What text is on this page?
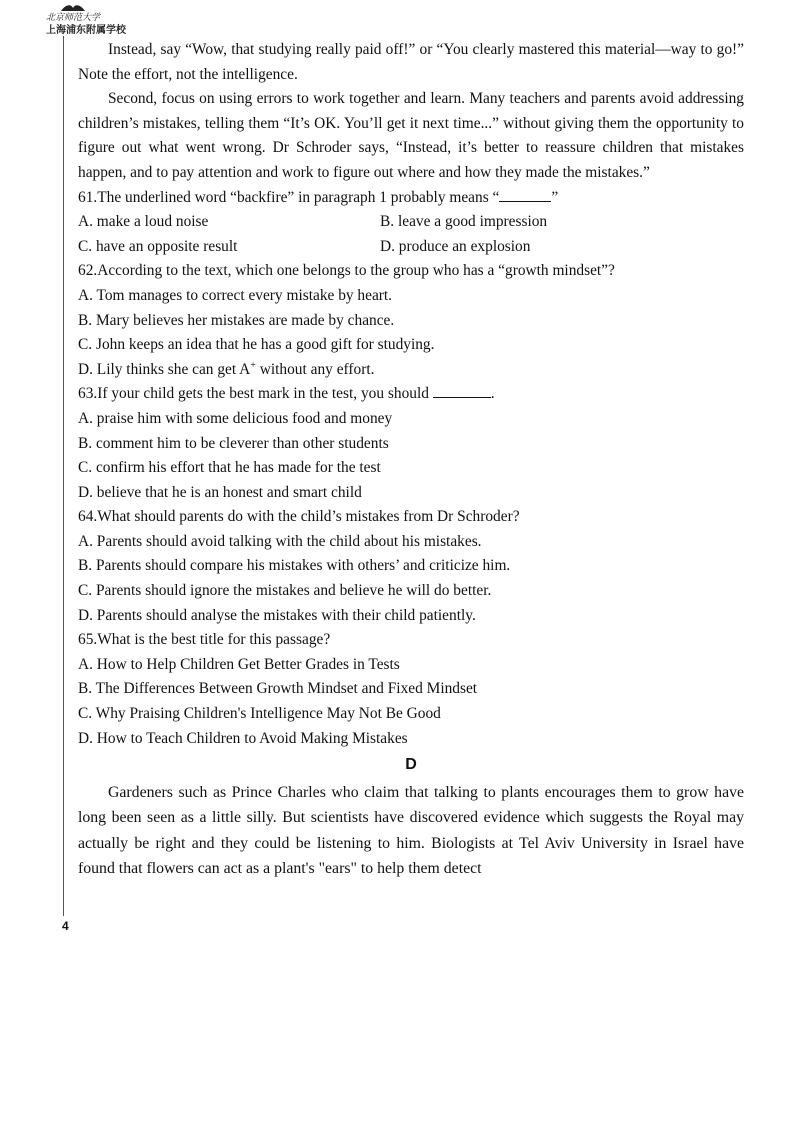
北京师范大学
上海浦东附属学校
4

Instead, say “Wow, that studying really paid off!” or “You clearly mastered this material—way to go!” Note the effort, not the intelligence.

Second, focus on using errors to work together and learn. Many teachers and parents avoid addressing children’s mistakes, telling them “It’s OK. You’ll get it next time...” without giving them the opportunity to figure out what went wrong. Dr Schroder says, “Instead, it’s better to reassure children that mistakes happen, and to pay attention and work to figure out where and how they made the mistakes.”

61.The underlined word “backfire” in paragraph 1 probably means “	”

A. make a loud noise	B. leave a good impression
C. have an opposite result	D. produce an explosion

62.According to the text, which one belongs to the group who has a “growth mindset”?

A. Tom manages to correct every mistake by heart.

B. Mary believes her mistakes are made by chance.

C. John keeps an idea that he has a good gift for studying.

D. Lily thinks she can get A+ without any effort.

63.If your child gets the best mark in the test, you should	.

A. praise him with some delicious food and money

B. comment him to be cleverer than other students

C. confirm his effort that he has made for the test

D. believe that he is an honest and smart child

64.What should parents do with the child’s mistakes from Dr Schroder?

A. Parents should avoid talking with the child about his mistakes.

B. Parents should compare his mistakes with others’ and criticize him.

C. Parents should ignore the mistakes and believe he will do better.

D. Parents should analyse the mistakes with their child patiently.

65.What is the best title for this passage?

A. How to Help Children Get Better Grades in Tests

B. The Differences Between Growth Mindset and Fixed Mindset

C. Why Praising Children's Intelligence May Not Be Good

D. How to Teach Children to Avoid Making Mistakes

D

Gardeners such as Prince Charles who claim that talking to plants encourages them to grow have long been seen as a little silly. But scientists have discovered evidence which suggests the Royal may actually be right and they could be listening to him. Biologists at Tel Aviv University in Israel have found that flowers can act as a plant's "ears" to help them detect
